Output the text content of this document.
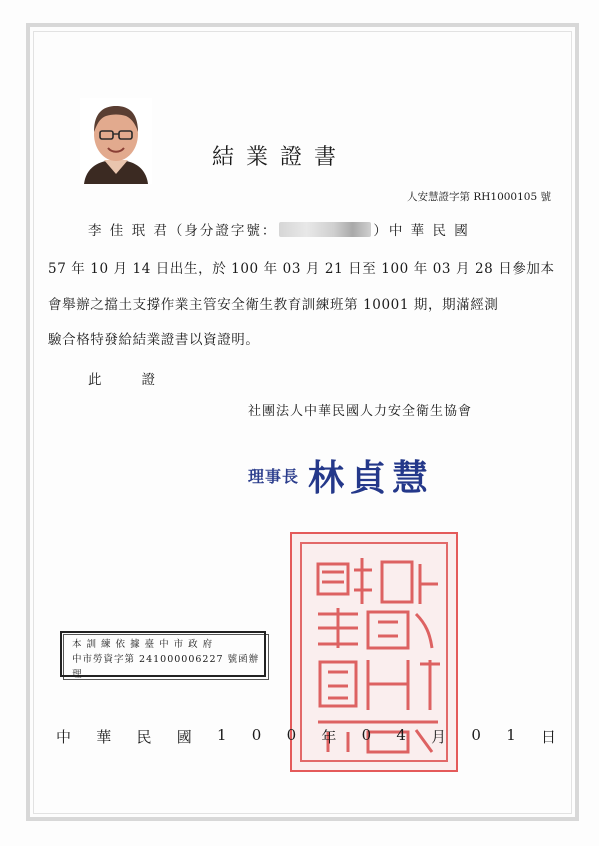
結業證書
人安慧證字第 RH1000105 號
李 佳 珉 君（身分證字號：	）中 華 民 國
57 年 10 月 14 日出生，於 100 年 03 月 21 日至 100 年 03 月 28 日參加本
會舉辦之擋土支撐作業主管安全衛生教育訓練班第 10001 期，期滿經測
驗合格特發給結業證書以資證明。
此證
社團法人中華民國人力安全衛生協會
理事長 林貞慧
本 訓 練 依 據 臺 中 市 政 府
中市勞資字第 241000006227 號函辦理
中 華 民 國 1 0 0 年 0 4 月 0 1 日
